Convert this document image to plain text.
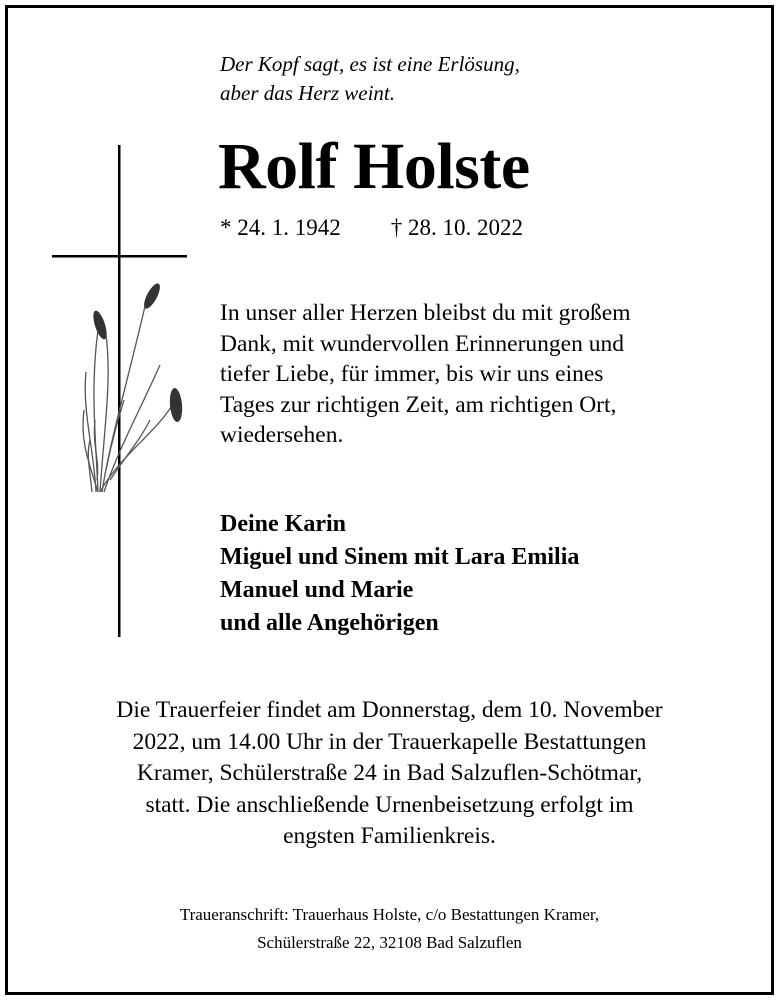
Der Kopf sagt, es ist eine Erlösung,
aber das Herz weint.
Rolf Holste
* 24. 1. 1942 † 28. 10. 2022
In unser aller Herzen bleibst du mit großem
Dank, mit wundervollen Erinnerungen und
tiefer Liebe, für immer, bis wir uns eines
Tages zur richtigen Zeit, am richtigen Ort,
wiedersehen.
Deine Karin
Miguel und Sinem mit Lara Emilia
Manuel und Marie
und alle Angehörigen
Die Trauerfeier findet am Donnerstag, dem 10. November
2022, um 14.00 Uhr in der Trauerkapelle Bestattungen
Kramer, Schülerstraße 24 in Bad Salzuflen-Schötmar,
statt. Die anschließende Urnenbeisetzung erfolgt im
engsten Familienkreis.
Traueranschrift: Trauerhaus Holste, c/o Bestattungen Kramer,
Schülerstraße 22, 32108 Bad Salzuflen
